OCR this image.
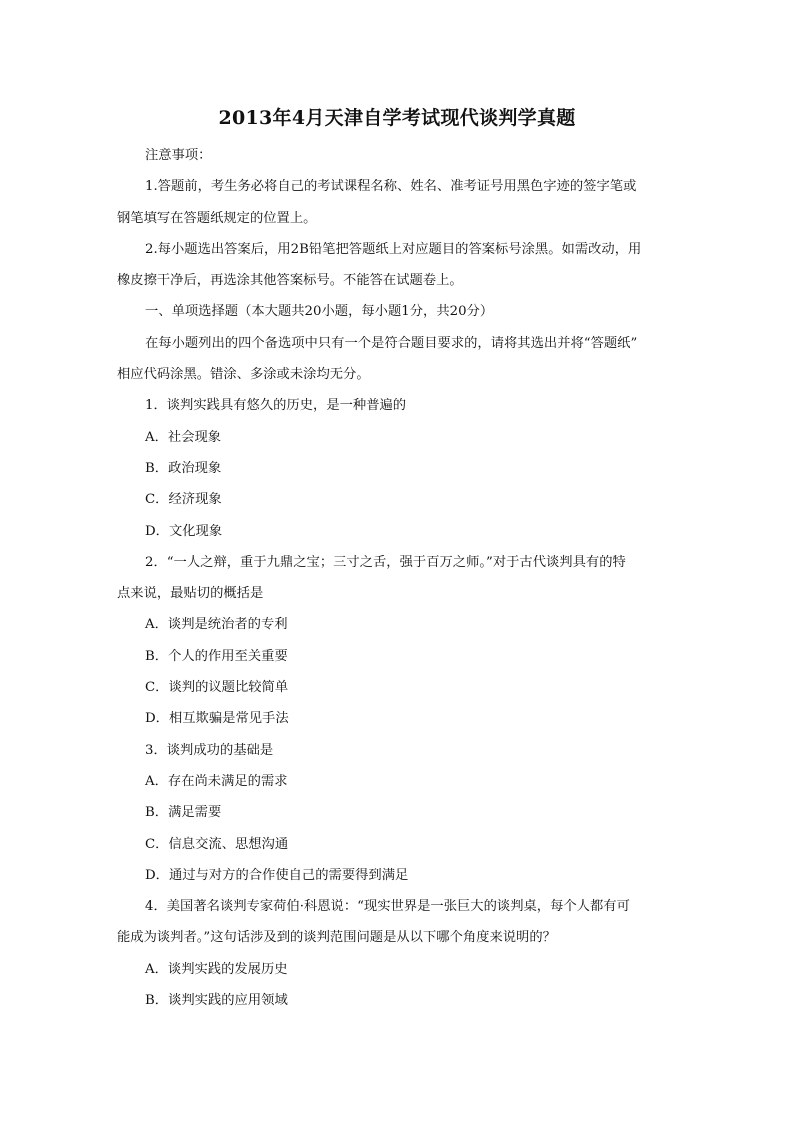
2013年4月天津自学考试现代谈判学真题

注意事项：

1.答题前，考生务必将自己的考试课程名称、姓名、准考证号用黑色字迹的签字笔或
钢笔填写在答题纸规定的位置上。

2.每小题选出答案后，用2B铅笔把答题纸上对应题目的答案标号涂黑。如需改动，用
橡皮擦干净后，再选涂其他答案标号。不能答在试题卷上。

一、单项选择题（本大题共20小题，每小题1分，共20分）

在每小题列出的四个备选项中只有一个是符合题目要求的，请将其选出并将“答题纸”
相应代码涂黑。错涂、多涂或未涂均无分。

1．谈判实践具有悠久的历史，是一种普遍的

A．社会现象

B．政治现象

C．经济现象

D．文化现象

2．“一人之辩，重于九鼎之宝；三寸之舌，强于百万之师。”对于古代谈判具有的特
点来说，最贴切的概括是

A．谈判是统治者的专利

B．个人的作用至关重要

C．谈判的议题比较简单

D．相互欺骗是常见手法

3．谈判成功的基础是

A．存在尚未满足的需求

B．满足需要

C．信息交流、思想沟通

D．通过与对方的合作使自己的需要得到满足

4．美国著名谈判专家荷伯·科恩说：“现实世界是一张巨大的谈判桌，每个人都有可
能成为谈判者。”这句话涉及到的谈判范围问题是从以下哪个角度来说明的？

A．谈判实践的发展历史

B．谈判实践的应用领域
